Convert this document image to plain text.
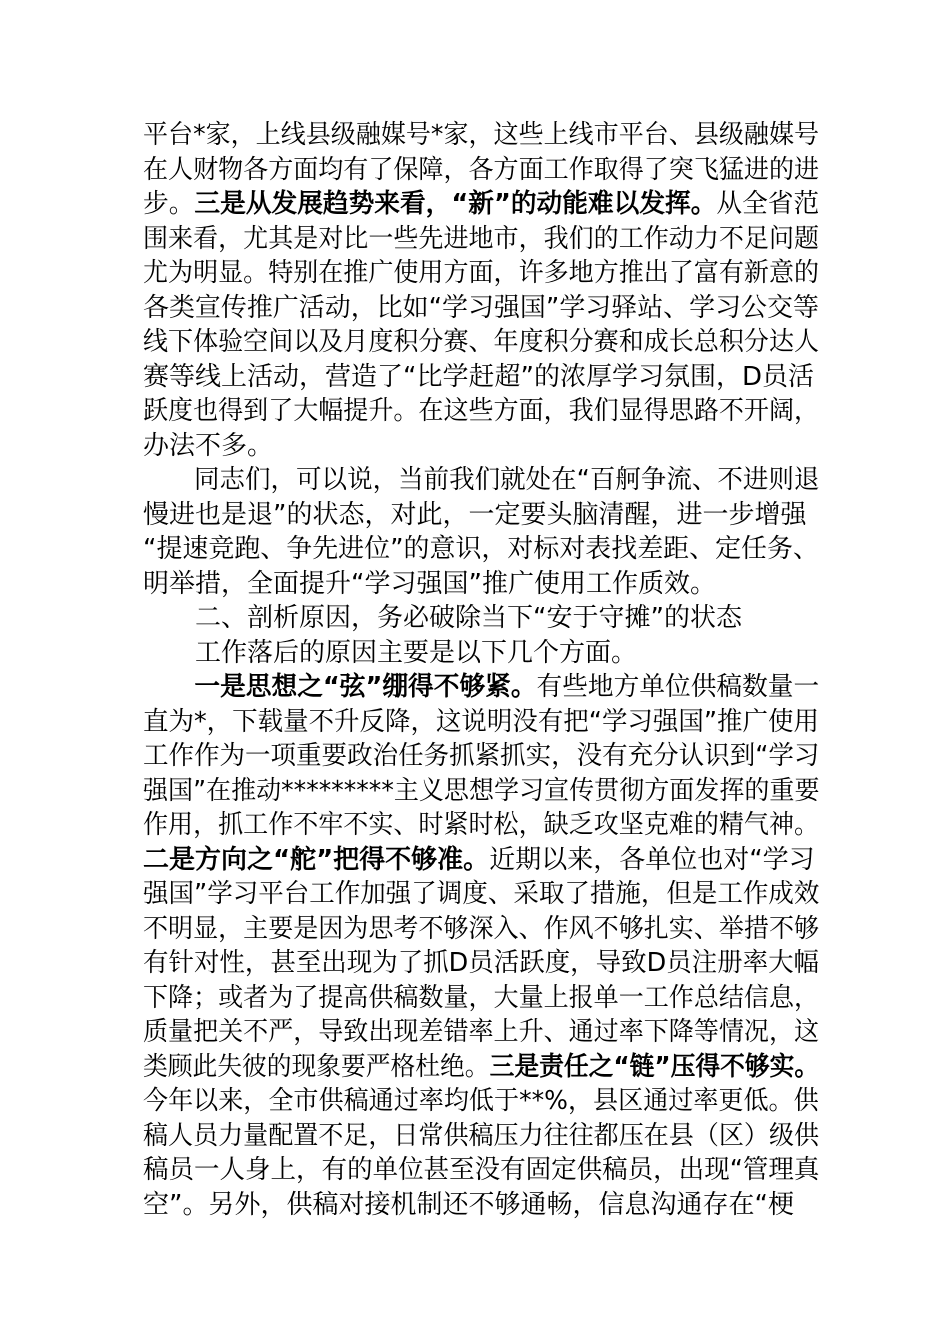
平台*家，上线县级融媒号*家，这些上线市平台、县级融媒号
在人财物各方面均有了保障，各方面工作取得了突飞猛进的进
步。三是从发展趋势来看，“新”的动能难以发挥。从全省范
围来看，尤其是对比一些先进地市，我们的工作动力不足问题
尤为明显。特别在推广使用方面，许多地方推出了富有新意的
各类宣传推广活动，比如“学习强国”学习驿站、学习公交等
线下体验空间以及月度积分赛、年度积分赛和成长总积分达人
赛等线上活动，营造了“比学赶超”的浓厚学习氛围，D员活
跃度也得到了大幅提升。在这些方面，我们显得思路不开阔，
办法不多。
　　同志们，可以说，当前我们就处在“百舸争流、不进则退
慢进也是退”的状态，对此，一定要头脑清醒，进一步增强
“提速竞跑、争先进位”的意识，对标对表找差距、定任务、
明举措，全面提升“学习强国”推广使用工作质效。
　　二、剖析原因，务必破除当下“安于守摊”的状态
　　工作落后的原因主要是以下几个方面。
　　一是思想之“弦”绷得不够紧。有些地方单位供稿数量一
直为*，下载量不升反降，这说明没有把“学习强国”推广使用
工作作为一项重要政治任务抓紧抓实，没有充分认识到“学习
强国”在推动*********主义思想学习宣传贯彻方面发挥的重要
作用，抓工作不牢不实、时紧时松，缺乏攻坚克难的精气神。
二是方向之“舵”把得不够准。近期以来，各单位也对“学习
强国”学习平台工作加强了调度、采取了措施，但是工作成效
不明显，主要是因为思考不够深入、作风不够扎实、举措不够
有针对性，甚至出现为了抓D员活跃度，导致D员注册率大幅
下降；或者为了提高供稿数量，大量上报单一工作总结信息，
质量把关不严，导致出现差错率上升、通过率下降等情况，这
类顾此失彼的现象要严格杜绝。三是责任之“链”压得不够实。
今年以来，全市供稿通过率均低于**%，县区通过率更低。供
稿人员力量配置不足，日常供稿压力往往都压在县（区）级供
稿员一人身上，有的单位甚至没有固定供稿员，出现“管理真
空”。另外，供稿对接机制还不够通畅，信息沟通存在“梗
